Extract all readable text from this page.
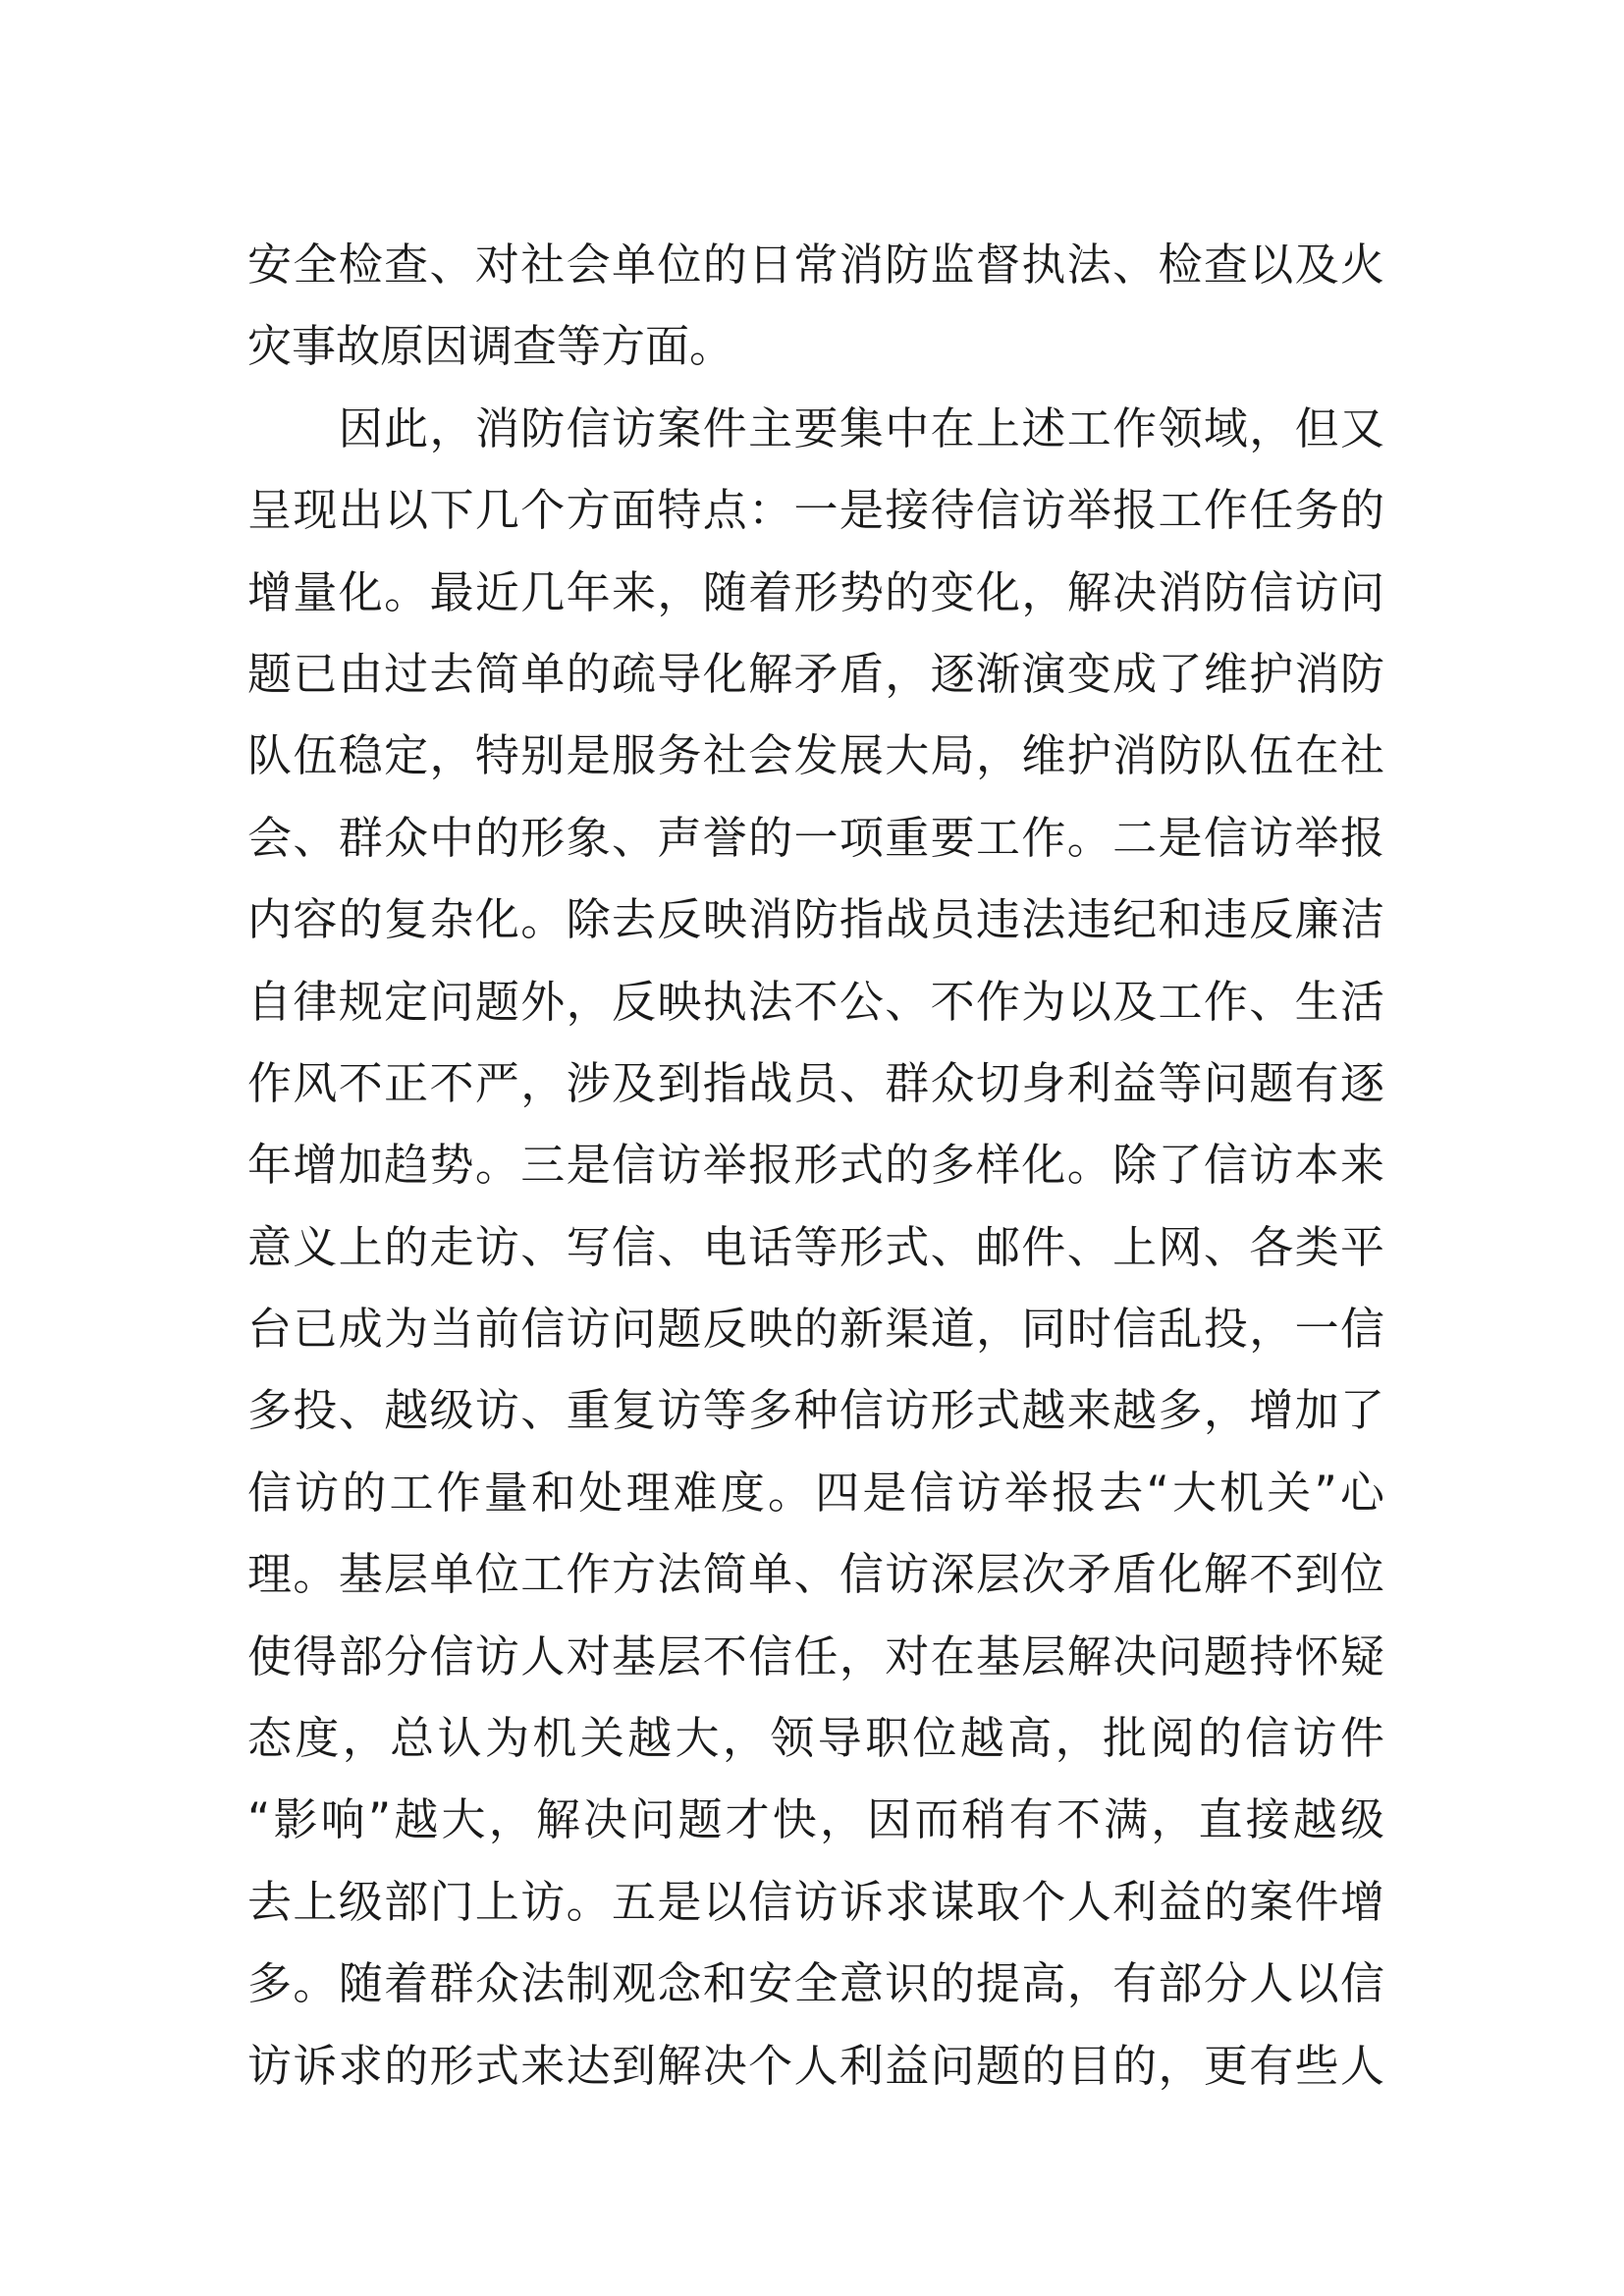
安全检查、对社会单位的日常消防监督执法、检查以及火
灾事故原因调查等方面。
　　因此，消防信访案件主要集中在上述工作领域，但又
呈现出以下几个方面特点：一是接待信访举报工作任务的
增量化。最近几年来，随着形势的变化，解决消防信访问
题已由过去简单的疏导化解矛盾，逐渐演变成了维护消防
队伍稳定，特别是服务社会发展大局，维护消防队伍在社
会、群众中的形象、声誉的一项重要工作。二是信访举报
内容的复杂化。除去反映消防指战员违法违纪和违反廉洁
自律规定问题外，反映执法不公、不作为以及工作、生活
作风不正不严，涉及到指战员、群众切身利益等问题有逐
年增加趋势。三是信访举报形式的多样化。除了信访本来
意义上的走访、写信、电话等形式、邮件、上网、各类平
台已成为当前信访问题反映的新渠道，同时信乱投，一信
多投、越级访、重复访等多种信访形式越来越多，增加了
信访的工作量和处理难度。四是信访举报去“大机关”心
理。基层单位工作方法简单、信访深层次矛盾化解不到位
使得部分信访人对基层不信任，对在基层解决问题持怀疑
态度，总认为机关越大，领导职位越高，批阅的信访件
“影响”越大，解决问题才快，因而稍有不满，直接越级
去上级部门上访。五是以信访诉求谋取个人利益的案件增
多。随着群众法制观念和安全意识的提高，有部分人以信
访诉求的形式来达到解决个人利益问题的目的，更有些人
